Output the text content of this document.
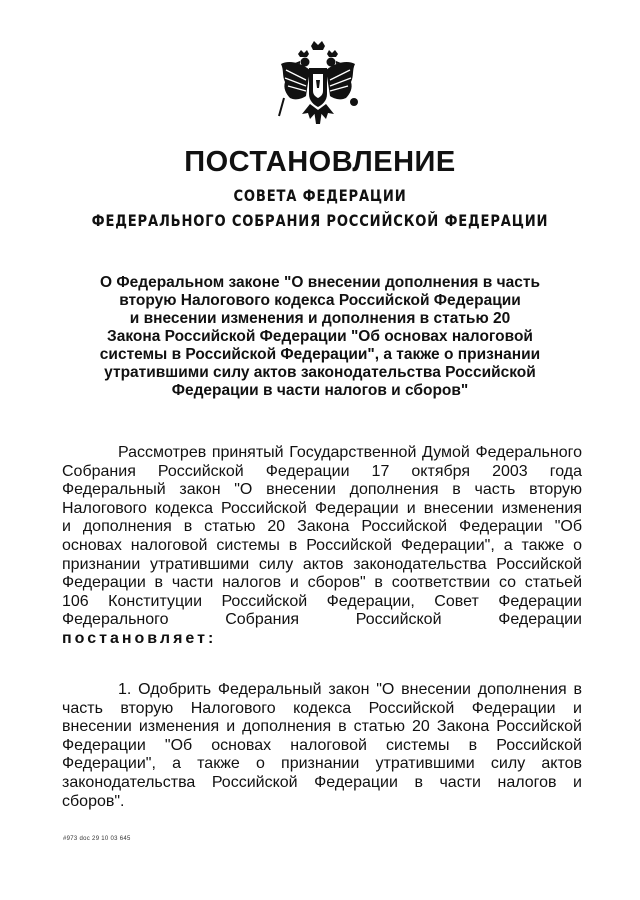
ПОСТАНОВЛЕНИЕ
СОВЕТА ФЕДЕРАЦИИ
ФЕДЕРАЛЬНОГО СОБРАНИЯ РОССИЙСКОЙ ФЕДЕРАЦИИ
О Федеральном законе "О внесении дополнения в часть
вторую Налогового кодекса Российской Федерации
и внесении изменения и дополнения в статью 20
Закона Российской Федерации "Об основах налоговой
системы в Российской Федерации", а также о признании
утратившими силу актов законодательства Российской
Федерации в части налогов и сборов"
Рассмотрев принятый Государственной Думой Федерального
Собрания Российской Федерации 17 октября 2003 года
Федеральный закон "О внесении дополнения в часть вторую
Налогового кодекса Российской Федерации и внесении изменения
и дополнения в статью 20 Закона Российской Федерации "Об
основах налоговой системы в Российской Федерации", а также о
признании утратившими силу актов законодательства Российской
Федерации в части налогов и сборов" в соответствии со статьей
106 Конституции Российской Федерации, Совет Федерации
Федерального Собрания Российской Федерации
постановляет:
1. Одобрить Федеральный закон "О внесении дополнения в
часть вторую Налогового кодекса Российской Федерации и
внесении изменения и дополнения в статью 20 Закона Российской
Федерации "Об основах налоговой системы в Российской
Федерации", а также о признании утратившими силу актов
законодательства Российской Федерации в части налогов и
сборов".
#973 doc 29 10 03 645
